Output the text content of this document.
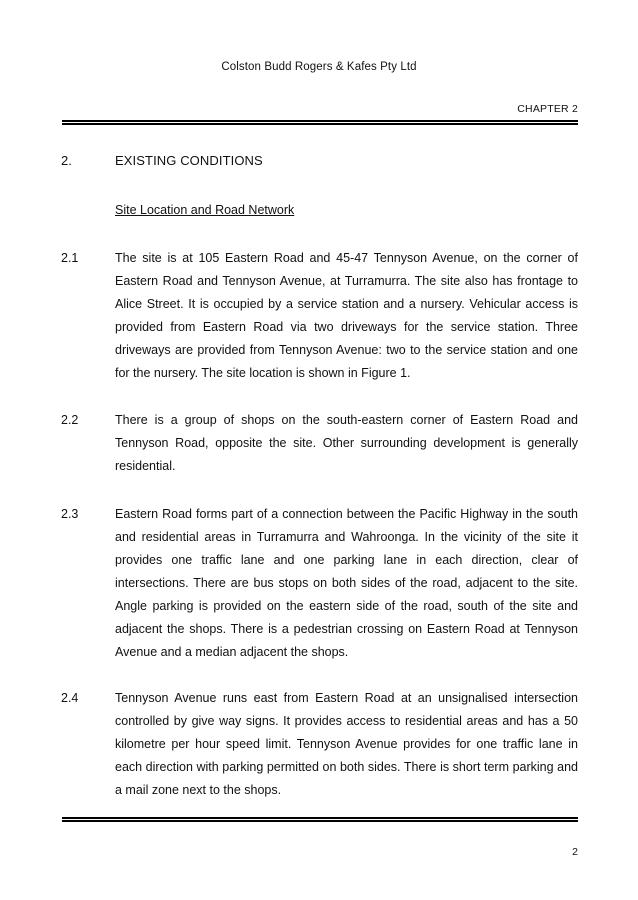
Colston Budd Rogers & Kafes Pty Ltd
CHAPTER 2
2.	EXISTING CONDITIONS
Site Location and Road Network
2.1	The site is at 105 Eastern Road and 45-47 Tennyson Avenue, on the corner of Eastern Road and Tennyson Avenue, at Turramurra. The site also has frontage to Alice Street. It is occupied by a service station and a nursery. Vehicular access is provided from Eastern Road via two driveways for the service station. Three driveways are provided from Tennyson Avenue: two to the service station and one for the nursery. The site location is shown in Figure 1.
2.2	There is a group of shops on the south-eastern corner of Eastern Road and Tennyson Road, opposite the site. Other surrounding development is generally residential.
2.3	Eastern Road forms part of a connection between the Pacific Highway in the south and residential areas in Turramurra and Wahroonga. In the vicinity of the site it provides one traffic lane and one parking lane in each direction, clear of intersections. There are bus stops on both sides of the road, adjacent to the site. Angle parking is provided on the eastern side of the road, south of the site and adjacent the shops. There is a pedestrian crossing on Eastern Road at Tennyson Avenue and a median adjacent the shops.
2.4	Tennyson Avenue runs east from Eastern Road at an unsignalised intersection controlled by give way signs. It provides access to residential areas and has a 50 kilometre per hour speed limit. Tennyson Avenue provides for one traffic lane in each direction with parking permitted on both sides. There is short term parking and a mail zone next to the shops.
2
